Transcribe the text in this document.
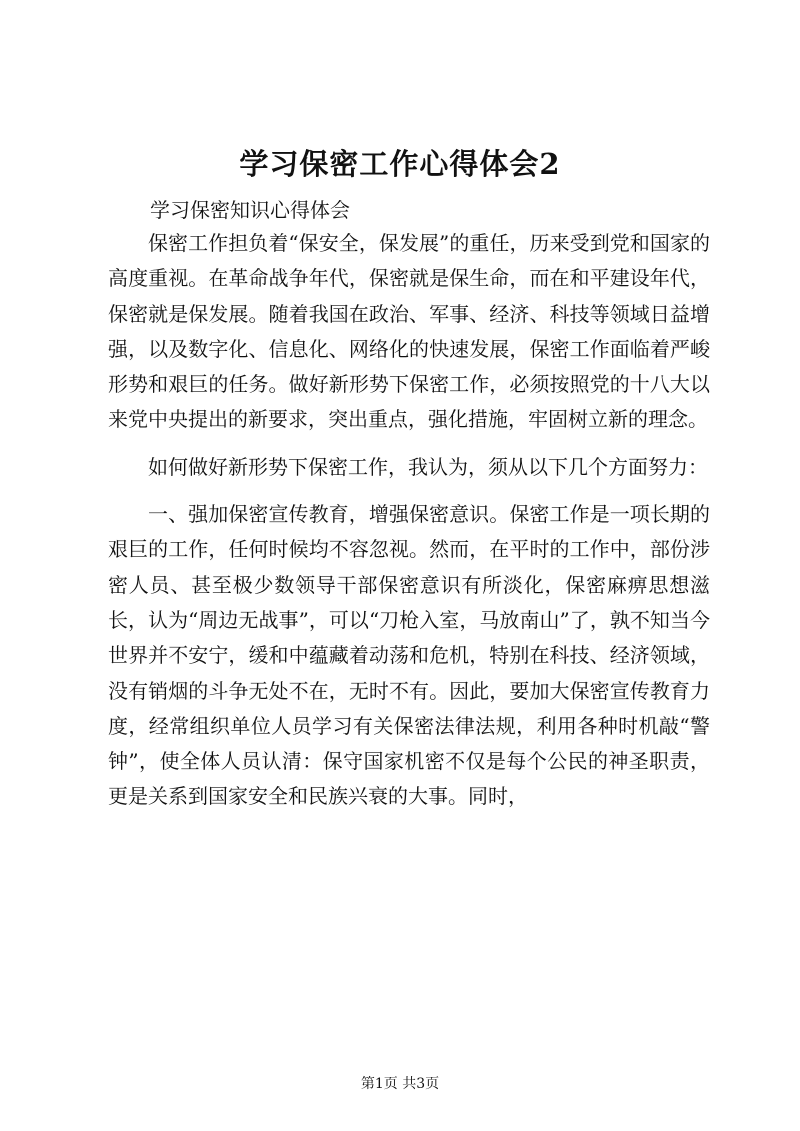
学习保密工作心得体会2

学习保密知识心得体会

保密工作担负着“保安全，保发展”的重任，历来受到党和国家的高度重视。在革命战争年代，保密就是保生命，而在和平建设年代，保密就是保发展。随着我国在政治、军事、经济、科技等领域日益增强，以及数字化、信息化、网络化的快速发展，保密工作面临着严峻形势和艰巨的任务。做好新形势下保密工作，必须按照党的十八大以来党中央提出的新要求，突出重点，强化措施，牢固树立新的理念。

如何做好新形势下保密工作，我认为，须从以下几个方面努力：

一、强加保密宣传教育，增强保密意识。保密工作是一项长期的艰巨的工作，任何时候均不容忽视。然而，在平时的工作中，部份涉密人员、甚至极少数领导干部保密意识有所淡化，保密麻痹思想滋长，认为“周边无战事”，可以“刀枪入室，马放南山”了，孰不知当今世界并不安宁，缓和中蕴藏着动荡和危机，特别在科技、经济领域，没有销烟的斗争无处不在，无时不有。因此，要加大保密宣传教育力度，经常组织单位人员学习有关保密法律法规，利用各种时机敲“警钟”，使全体人员认清：保守国家机密不仅是每个公民的神圣职责，更是关系到国家安全和民族兴衰的大事。同时，

第1页 共3页
